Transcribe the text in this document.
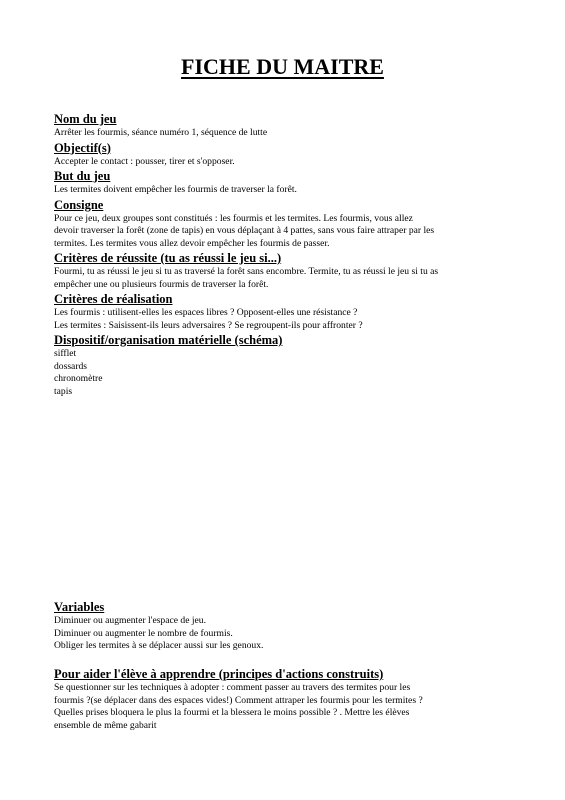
FICHE DU MAITRE

Nom du jeu

Arrêter les fourmis, séance numéro 1, séquence de lutte

Objectif(s)

Accepter le contact : pousser, tirer et s'opposer.

But du jeu

Les termites doivent empêcher les fourmis de traverser la forêt.

Consigne

Pour ce jeu, deux groupes sont constitués : les fourmis et les termites. Les fourmis, vous allez

devoir traverser la forêt (zone de tapis) en vous déplaçant à 4 pattes, sans vous faire attraper par les

termites. Les termites vous allez devoir empêcher les fourmis de passer.

Critères de réussite (tu as réussi le jeu si...)

Fourmi, tu as réussi le jeu si tu as traversé la forêt sans encombre. Termite, tu as réussi le jeu si tu as

empêcher une ou plusieurs fourmis de traverser la forêt.

Critères de réalisation

Les fourmis : utilisent-elles les espaces libres ? Opposent-elles une résistance ?

Les termites : Saisissent-ils leurs adversaires ? Se regroupent-ils pour affronter ?

Dispositif/organisation matérielle (schéma)

sifflet

dossards

chronomètre

tapis

Variables

Diminuer ou augmenter l'espace de jeu.

Diminuer ou augmenter le nombre de fourmis.

Obliger les termites à se déplacer aussi sur les genoux.

Pour aider l'élève à apprendre (principes d'actions construits)

Se questionner sur les techniques à adopter : comment passer au travers des termites pour les

fourmis ?(se déplacer dans des espaces vides!) Comment attraper les fourmis pour les termites ?

Quelles prises bloquera le plus la fourmi et la blessera le moins possible ? . Mettre les élèves

ensemble de même gabarit
